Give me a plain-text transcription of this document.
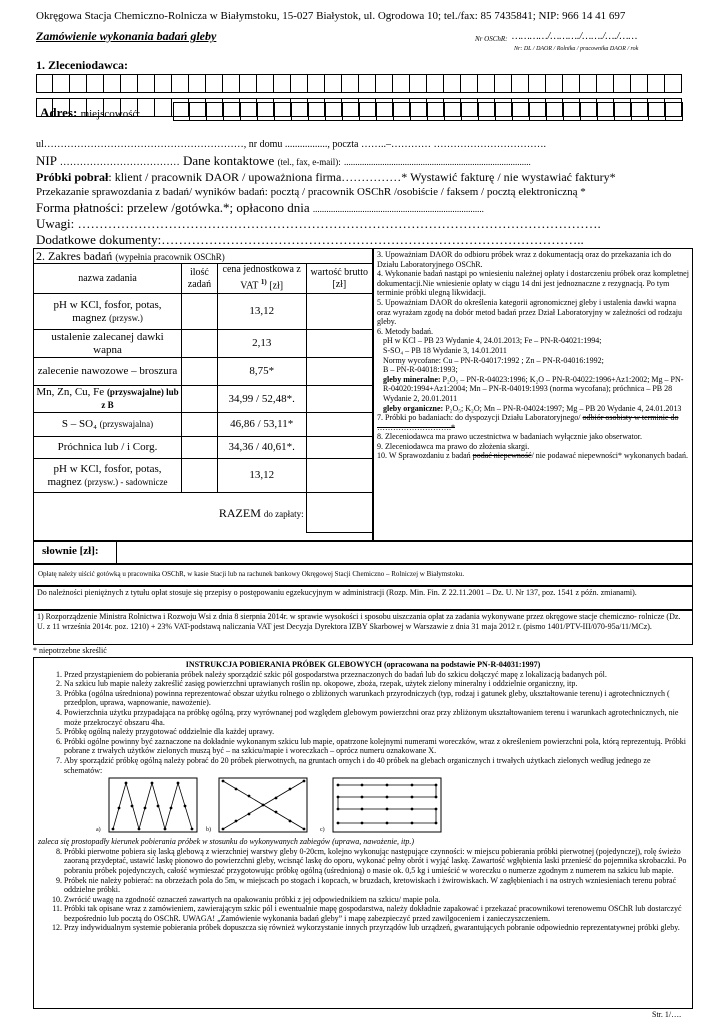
Okręgowa Stacja Chemiczno-Rolnicza w Białymstoku, 15-027 Białystok, ul. Ogrodowa 10; tel./fax: 85 7435841; NIP: 966 14 41 697
Zamówienie wykonania badań gleby	Nr OSChR: …………/………./……./…./……
Nr: DL / DAOR / Rolnika / pracownika DAOR / rok
1. Zleceniodawca:
Adres: miejscowość:
ul……………………………………………………, nr domu ................., poczta ……..–………… …………………………….
NIP ……………………………… Dane kontaktowe (tel., fax, e-mail): ...................................................................................
Próbki pobrał: klient / pracownik DAOR / upoważniona firma……………* Wystawić fakturę / nie wystawiać faktury*
Przekazanie sprawozdania z badań/ wyników badań: pocztą / pracownik OSChR /osobiście / faksem / pocztą elektroniczną *
Forma płatności: przelew /gotówka.*; opłacono dnia ............................................................................
Uwagi: ………………………………………………………………………………………………………….
Dodatkowe dokumenty:……………………………………………………………………………………..
2. Zakres badań (wypełnia pracownik OSChR)
nazwa zadania	ilość zadań	cena jednostkowa z VAT $^{1)}$ [zł]	wartość brutto [zł]
pH w KCl, fosfor, potas, magnez (przysw.)		13,12	
ustalenie zalecanej dawki wapna		2,13	
zalecenie nawozowe – broszura		8,75*	
Mn, Zn, Cu, Fe (przyswajalne) lub z B		34,99 / 52,48*.	
S – SO₄ (przyswajalna)		46,86 / 53,11*	
Próchnica lub / i Corg.		34,36 / 40,61*.	
pH w KCl, fosfor, potas, magnez (przysw.) - sadownicze		13,12	
RAZEM do zapłaty:			
3. Upoważniam DAOR do odbioru próbek wraz z dokumentacją oraz do przekazania ich do Działu Laboratoryjnego OSChR.
4. Wykonanie badań nastąpi po wniesieniu należnej opłaty i dostarczeniu próbek oraz kompletnej dokumentacji.Nie wniesienie opłaty w ciągu 14 dni jest jednoznaczne z rezygnacją. Po tym terminie próbki ulegną likwidacji.
5. Upoważniam DAOR do określenia kategorii agronomicznej gleby i ustalenia dawki wapna oraz wyrażam zgodę na dobór metod badań przez Dział Laboratoryjny w zależności od rodzaju gleby.
6. Metody badań.
pH w KCl – PB 23 Wydanie 4, 24.01.2013; Fe – PN-R-04021:1994;
S-SO₄ – PB 18 Wydanie 3, 14.01.2011
Normy wycofane: Cu – PN-R-04017:1992 ; Zn – PN-R-04016:1992;
B – PN-R-04018:1993;
gleby mineralne: P₂O₅ – PN-R-04023:1996; K₂O – PN-R-04022:1996+Az1:2002; Mg – PN-R-04020:1994+Az1:2004; Mn – PN-R-04019:1993 (norma wycofana); próchnica – PB 28 Wydanie 2, 20.01.2011
gleby organiczne: P₂O₅; K₂O; Mn – PN-R-04024:1997; Mg – PB 20 Wydanie 4, 24.01.2013
7. Próbki po badaniach: do dyspozycji Działu Laboratoryjnego/ odbiór osobisty w terminie do ……………………….*
8. Zleceniodawca ma prawo uczestnictwa w badaniach wyłącznie jako obserwator.
9. Zleceniodawca ma prawo do złożenia skargi.
10. W Sprawozdaniu z badań podać niepewność/ nie podawać niepewności* wykonanych badań.
słownie [zł]:
Opłatę należy uiścić gotówką u pracownika OSChR, w kasie Stacji lub na rachunek bankowy Okręgowej Stacji Chemiczno – Rolniczej w Białymstoku.
Do należności pieniężnych z tytułu opłat stosuje się przepisy o postępowaniu egzekucyjnym w administracji (Rozp. Min. Fin. Z 22.11.2001 – Dz. U. Nr 137, poz. 1541 z późn. zmianami).
1) Rozporządzenie Ministra Rolnictwa i Rozwoju Wsi z dnia 8 sierpnia 2014r. w sprawie wysokości i sposobu uiszczania opłat za zadania wykonywane przez okręgowe stacje chemiczno- rolnicze (Dz. U. z 11 września 2014r. poz. 1210) + 23% VAT-podstawą naliczania VAT jest Decyzja Dyrektora IZBY Skarbowej w Warszawie z dnia 31 maja 2012 r. (pismo 1401/PTV-III/070-95a/11/MCz).
* niepotrzebne skreślić
INSTRUKCJA POBIERANIA PRÓBEK GLEBOWYCH (opracowana na podstawie PN-R-04031:1997)
1. Przed przystąpieniem do pobierania próbek należy sporządzić szkic pól gospodarstwa przeznaczonych do badań lub do szkicu dołączyć mapę z lokalizacją badanych pól.
2. Na szkicu lub mapie należy zakreślić zasięg powierzchni uprawianych roślin np. okopowe, zboża, rzepak, użytek zielony mineralny i oddzielnie organiczny, itp.
3. Próbka (ogólna uśredniona) powinna reprezentować obszar użytku rolnego o zbliżonych warunkach przyrodniczych (typ, rodzaj i gatunek gleby, ukształtowanie terenu) i agrotechnicznych ( przedplon, uprawa, wapnowanie, nawożenie).
4. Powierzchnia użytku przypadająca na próbkę ogólną, przy wyrównanej pod względem glebowym powierzchni oraz przy zbliżonym ukształtowaniem terenu i warunkach agrotechnicznych, nie może przekroczyć obszaru 4ha.
5. Próbkę ogólną należy przygotować oddzielnie dla każdej uprawy.
6. Próbki ogólne powinny być zaznaczone na dokładnie wykonanym szkicu lub mapie, opatrzone kolejnymi numerami woreczków, wraz z określeniem powierzchni pola, którą reprezentują. Próbki pobrane z trwałych użytków zielonych muszą być – na szkicu/mapie i woreczkach – oprócz numeru oznakowane X.
7. Aby sporządzić próbkę ogólną należy pobrać do 20 próbek pierwotnych, na gruntach ornych i do 40 próbek na glebach organicznych i trwałych użytkach zielonych według jednego ze schematów:
a)	b)	c)
zaleca się prostopadły kierunek pobierania próbek w stosunku do wykonywanych zabiegów (uprawa, nawożenie, itp.)
8. Próbki pierwotne pobiera się laską glebową z wierzchniej warstwy gleby 0-20cm, kolejno wykonując następujące czynności: w miejscu pobierania próbki pierwotnej (pojedynczej), rolę świeżo zaoraną przydeptać, ustawić laskę pionowo do powierzchni gleby, wcisnąć laskę do oporu, wykonać pełny obrót i wyjąć laskę. Zawartość wgłębienia laski przenieść do pojemnika skrobaczki. Po pobraniu próbek pojedynczych, całość wymieszać przygotowując próbkę ogólną (uśrednioną) o masie ok. 0,5 kg i umieścić w woreczku o numerze zgodnym z numerem na szkicu lub mapie.
9. Próbek nie należy pobierać: na obrzeżach pola do 5m, w miejscach po stogach i kopcach, w bruzdach, kretowiskach i żwirowiskach. W zagłębieniach i na ostrych wzniesieniach terenu pobrać oddzielne próbki.
10. Zwrócić uwagę na zgodność oznaczeń zawartych na opakowaniu próbki z jej odpowiednikiem na szkicu/ mapie pola.
11. Próbki tak opisane wraz z zamówieniem, zawierającym szkic pól i ewentualnie mapę gospodarstwa, należy dokładnie zapakować i przekazać pracownikowi terenowemu OSChR lub dostarczyć bezpośrednio lub pocztą do OSChR. UWAGA! „Zamówienie wykonania badań gleby” i mapę zabezpieczyć przed zawilgoceniem i zanieczyszczeniem.
12. Przy indywidualnym systemie pobierania próbek dopuszcza się również wykorzystanie innych przyrządów lub urządzeń, gwarantujących pobranie odpowiednio reprezentatywnej próbki gleby.
Str. 1/….
